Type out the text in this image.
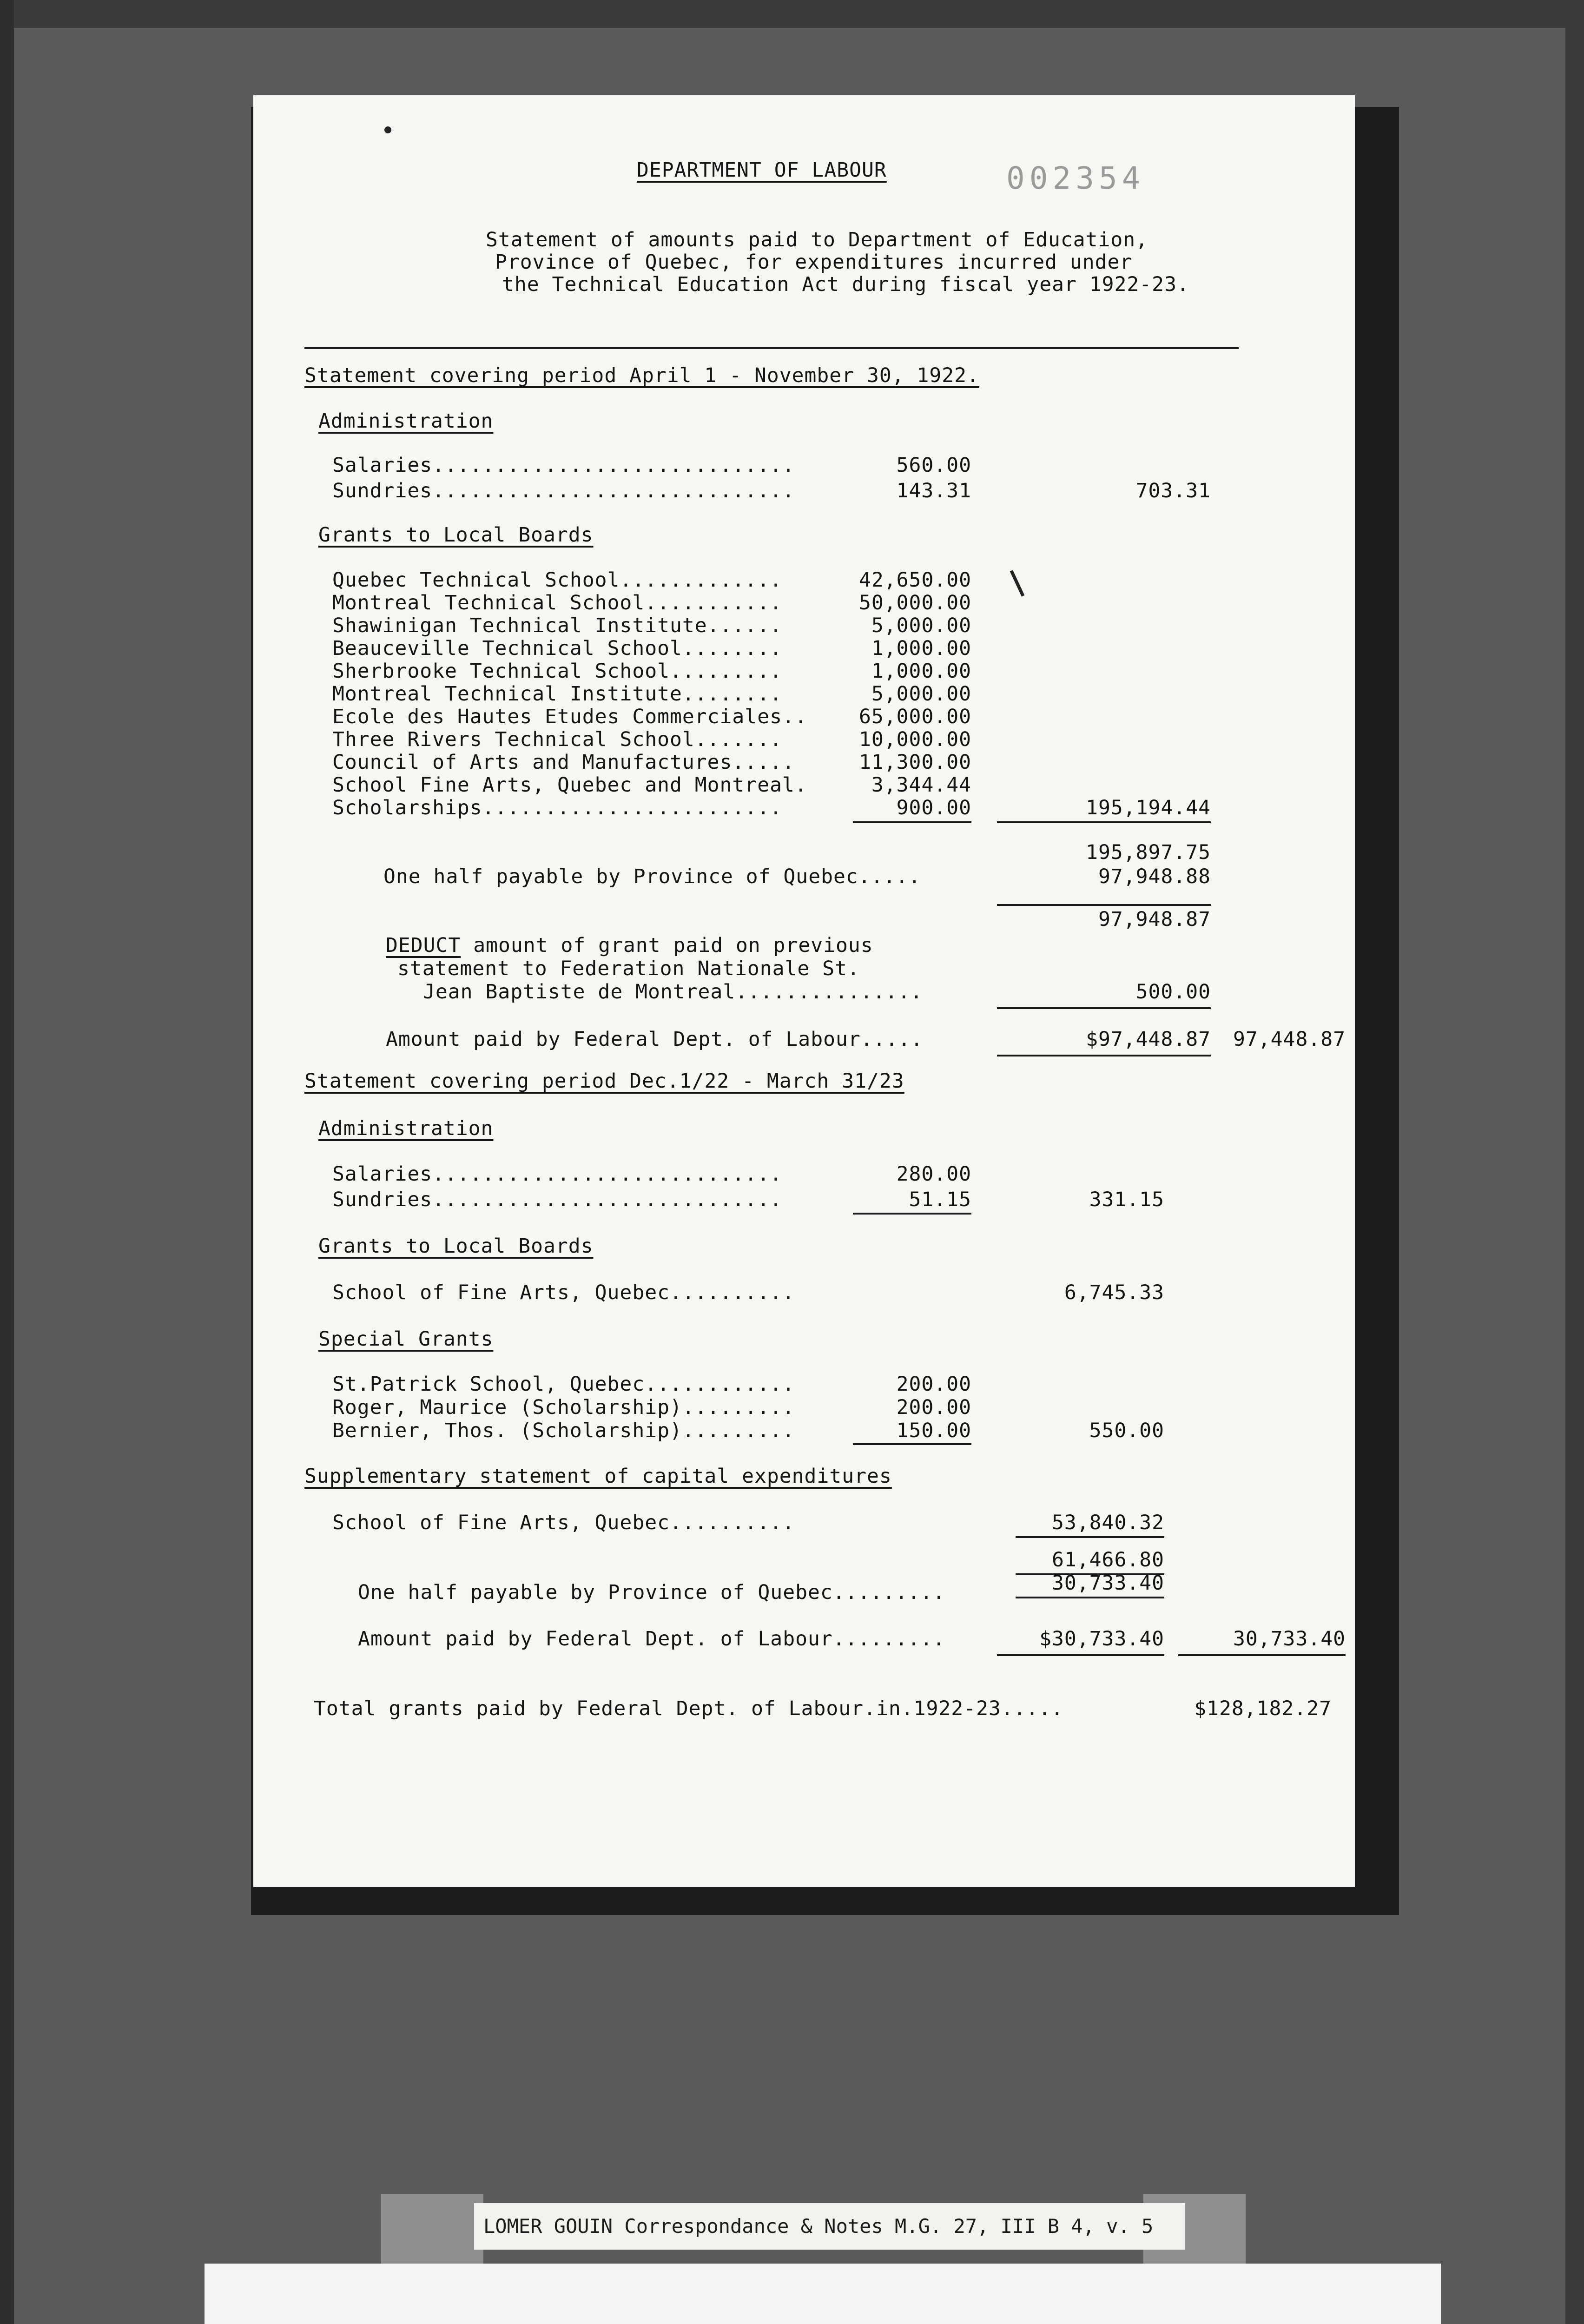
DEPARTMENT OF LABOUR	002354
Statement of amounts paid to Department of Education,
Province of Quebec, for expenditures incurred under
the Technical Education Act during fiscal year 1922-23.
Statement covering period April 1 - November 30, 1922.
Administration
Salaries.............................	560.00
Sundries.............................	143.31	703.31
Grants to Local Boards
Quebec Technical School.............	42,650.00
Montreal Technical School...........	50,000.00
Shawinigan Technical Institute......	5,000.00
Beauceville Technical School........	1,000.00
Sherbrooke Technical School.........	1,000.00
Montreal Technical Institute........	5,000.00
Ecole des Hautes Etudes Commerciales..	65,000.00
Three Rivers Technical School.......	10,000.00
Council of Arts and Manufactures.....	11,300.00
School Fine Arts, Quebec and Montreal.	3,344.44
Scholarships........................	900.00	195,194.44
195,897.75
One half payable by Province of Quebec.....	97,948.88
97,948.87
DEDUCT amount of grant paid on previous
statement to Federation Nationale St.
Jean Baptiste de Montreal...............	500.00
Amount paid by Federal Dept. of Labour.....	$97,448.87	97,448.87
Statement covering period Dec.1/22 - March 31/23
Administration
Salaries............................	280.00
Sundries............................	51.15	331.15
Grants to Local Boards
School of Fine Arts, Quebec..........	6,745.33
Special Grants
St.Patrick School, Quebec............	200.00
Roger, Maurice (Scholarship).........	200.00
Bernier, Thos. (Scholarship).........	150.00	550.00
Supplementary statement of capital expenditures
School of Fine Arts, Quebec..........	53,840.32
61,466.80
One half payable by Province of Quebec.........	30,733.40
Amount paid by Federal Dept. of Labour.........	$30,733.40	30,733.40
Total grants paid by Federal Dept. of Labour.in.1922-23.....	$128,182.27
LOMER GOUIN Correspondance & Notes M.G. 27, III B 4, v. 5
